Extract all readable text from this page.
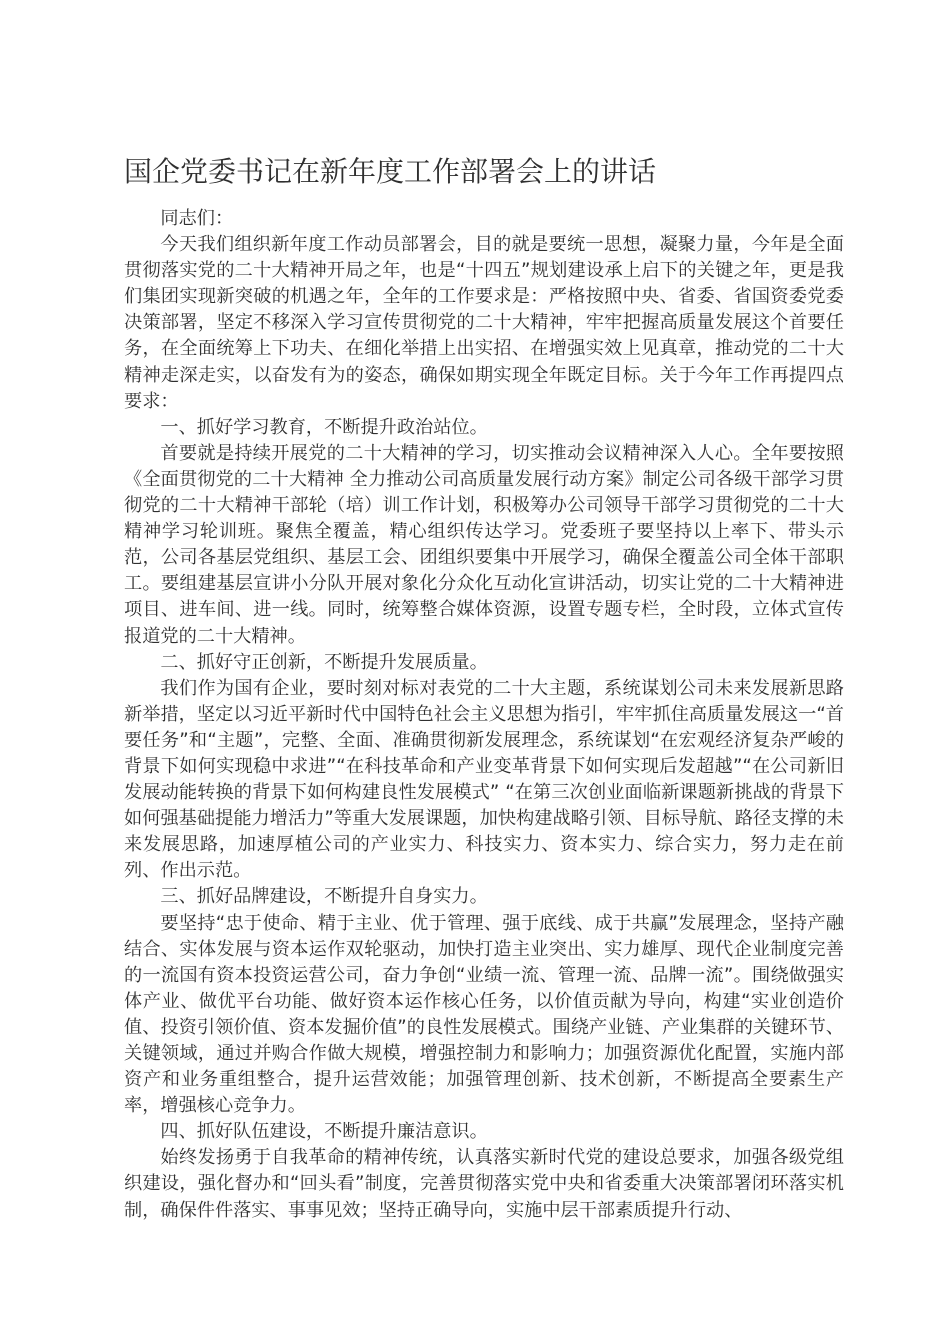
国企党委书记在新年度工作部署会上的讲话

同志们：

今天我们组织新年度工作动员部署会，目的就是要统一思想，凝聚力量，今年是全面贯彻落实党的二十大精神开局之年，也是“十四五”规划建设承上启下的关键之年，更是我们集团实现新突破的机遇之年，全年的工作要求是：严格按照中央、省委、省国资委党委决策部署，坚定不移深入学习宣传贯彻党的二十大精神，牢牢把握高质量发展这个首要任务，在全面统筹上下功夫、在细化举措上出实招、在增强实效上见真章，推动党的二十大精神走深走实，以奋发有为的姿态，确保如期实现全年既定目标。关于今年工作再提四点要求：

一、抓好学习教育，不断提升政治站位。

首要就是持续开展党的二十大精神的学习，切实推动会议精神深入人心。全年要按照《全面贯彻党的二十大精神 全力推动公司高质量发展行动方案》制定公司各级干部学习贯彻党的二十大精神干部轮（培）训工作计划，积极筹办公司领导干部学习贯彻党的二十大精神学习轮训班。聚焦全覆盖，精心组织传达学习。党委班子要坚持以上率下、带头示范，公司各基层党组织、基层工会、团组织要集中开展学习，确保全覆盖公司全体干部职工。要组建基层宣讲小分队开展对象化分众化互动化宣讲活动，切实让党的二十大精神进项目、进车间、进一线。同时，统筹整合媒体资源，设置专题专栏，全时段，立体式宣传报道党的二十大精神。

二、抓好守正创新，不断提升发展质量。

我们作为国有企业，要时刻对标对表党的二十大主题，系统谋划公司未来发展新思路新举措，坚定以习近平新时代中国特色社会主义思想为指引，牢牢抓住高质量发展这一“首要任务”和“主题”，完整、全面、准确贯彻新发展理念，系统谋划“在宏观经济复杂严峻的背景下如何实现稳中求进”“在科技革命和产业变革背景下如何实现后发超越”“在公司新旧发展动能转换的背景下如何构建良性发展模式” “在第三次创业面临新课题新挑战的背景下如何强基础提能力增活力”等重大发展课题，加快构建战略引领、目标导航、路径支撑的未来发展思路，加速厚植公司的产业实力、科技实力、资本实力、综合实力，努力走在前列、作出示范。

三、抓好品牌建设，不断提升自身实力。

要坚持“忠于使命、精于主业、优于管理、强于底线、成于共赢”发展理念，坚持产融结合、实体发展与资本运作双轮驱动，加快打造主业突出、实力雄厚、现代企业制度完善的一流国有资本投资运营公司，奋力争创“业绩一流、管理一流、品牌一流”。围绕做强实体产业、做优平台功能、做好资本运作核心任务，以价值贡献为导向，构建“实业创造价值、投资引领价值、资本发掘价值”的良性发展模式。围绕产业链、产业集群的关键环节、关键领域，通过并购合作做大规模，增强控制力和影响力；加强资源优化配置，实施内部资产和业务重组整合，提升运营效能；加强管理创新、技术创新，不断提高全要素生产率，增强核心竞争力。

四、抓好队伍建设，不断提升廉洁意识。

始终发扬勇于自我革命的精神传统，认真落实新时代党的建设总要求，加强各级党组织建设，强化督办和“回头看”制度，完善贯彻落实党中央和省委重大决策部署闭环落实机制，确保件件落实、事事见效；坚持正确导向，实施中层干部素质提升行动、
